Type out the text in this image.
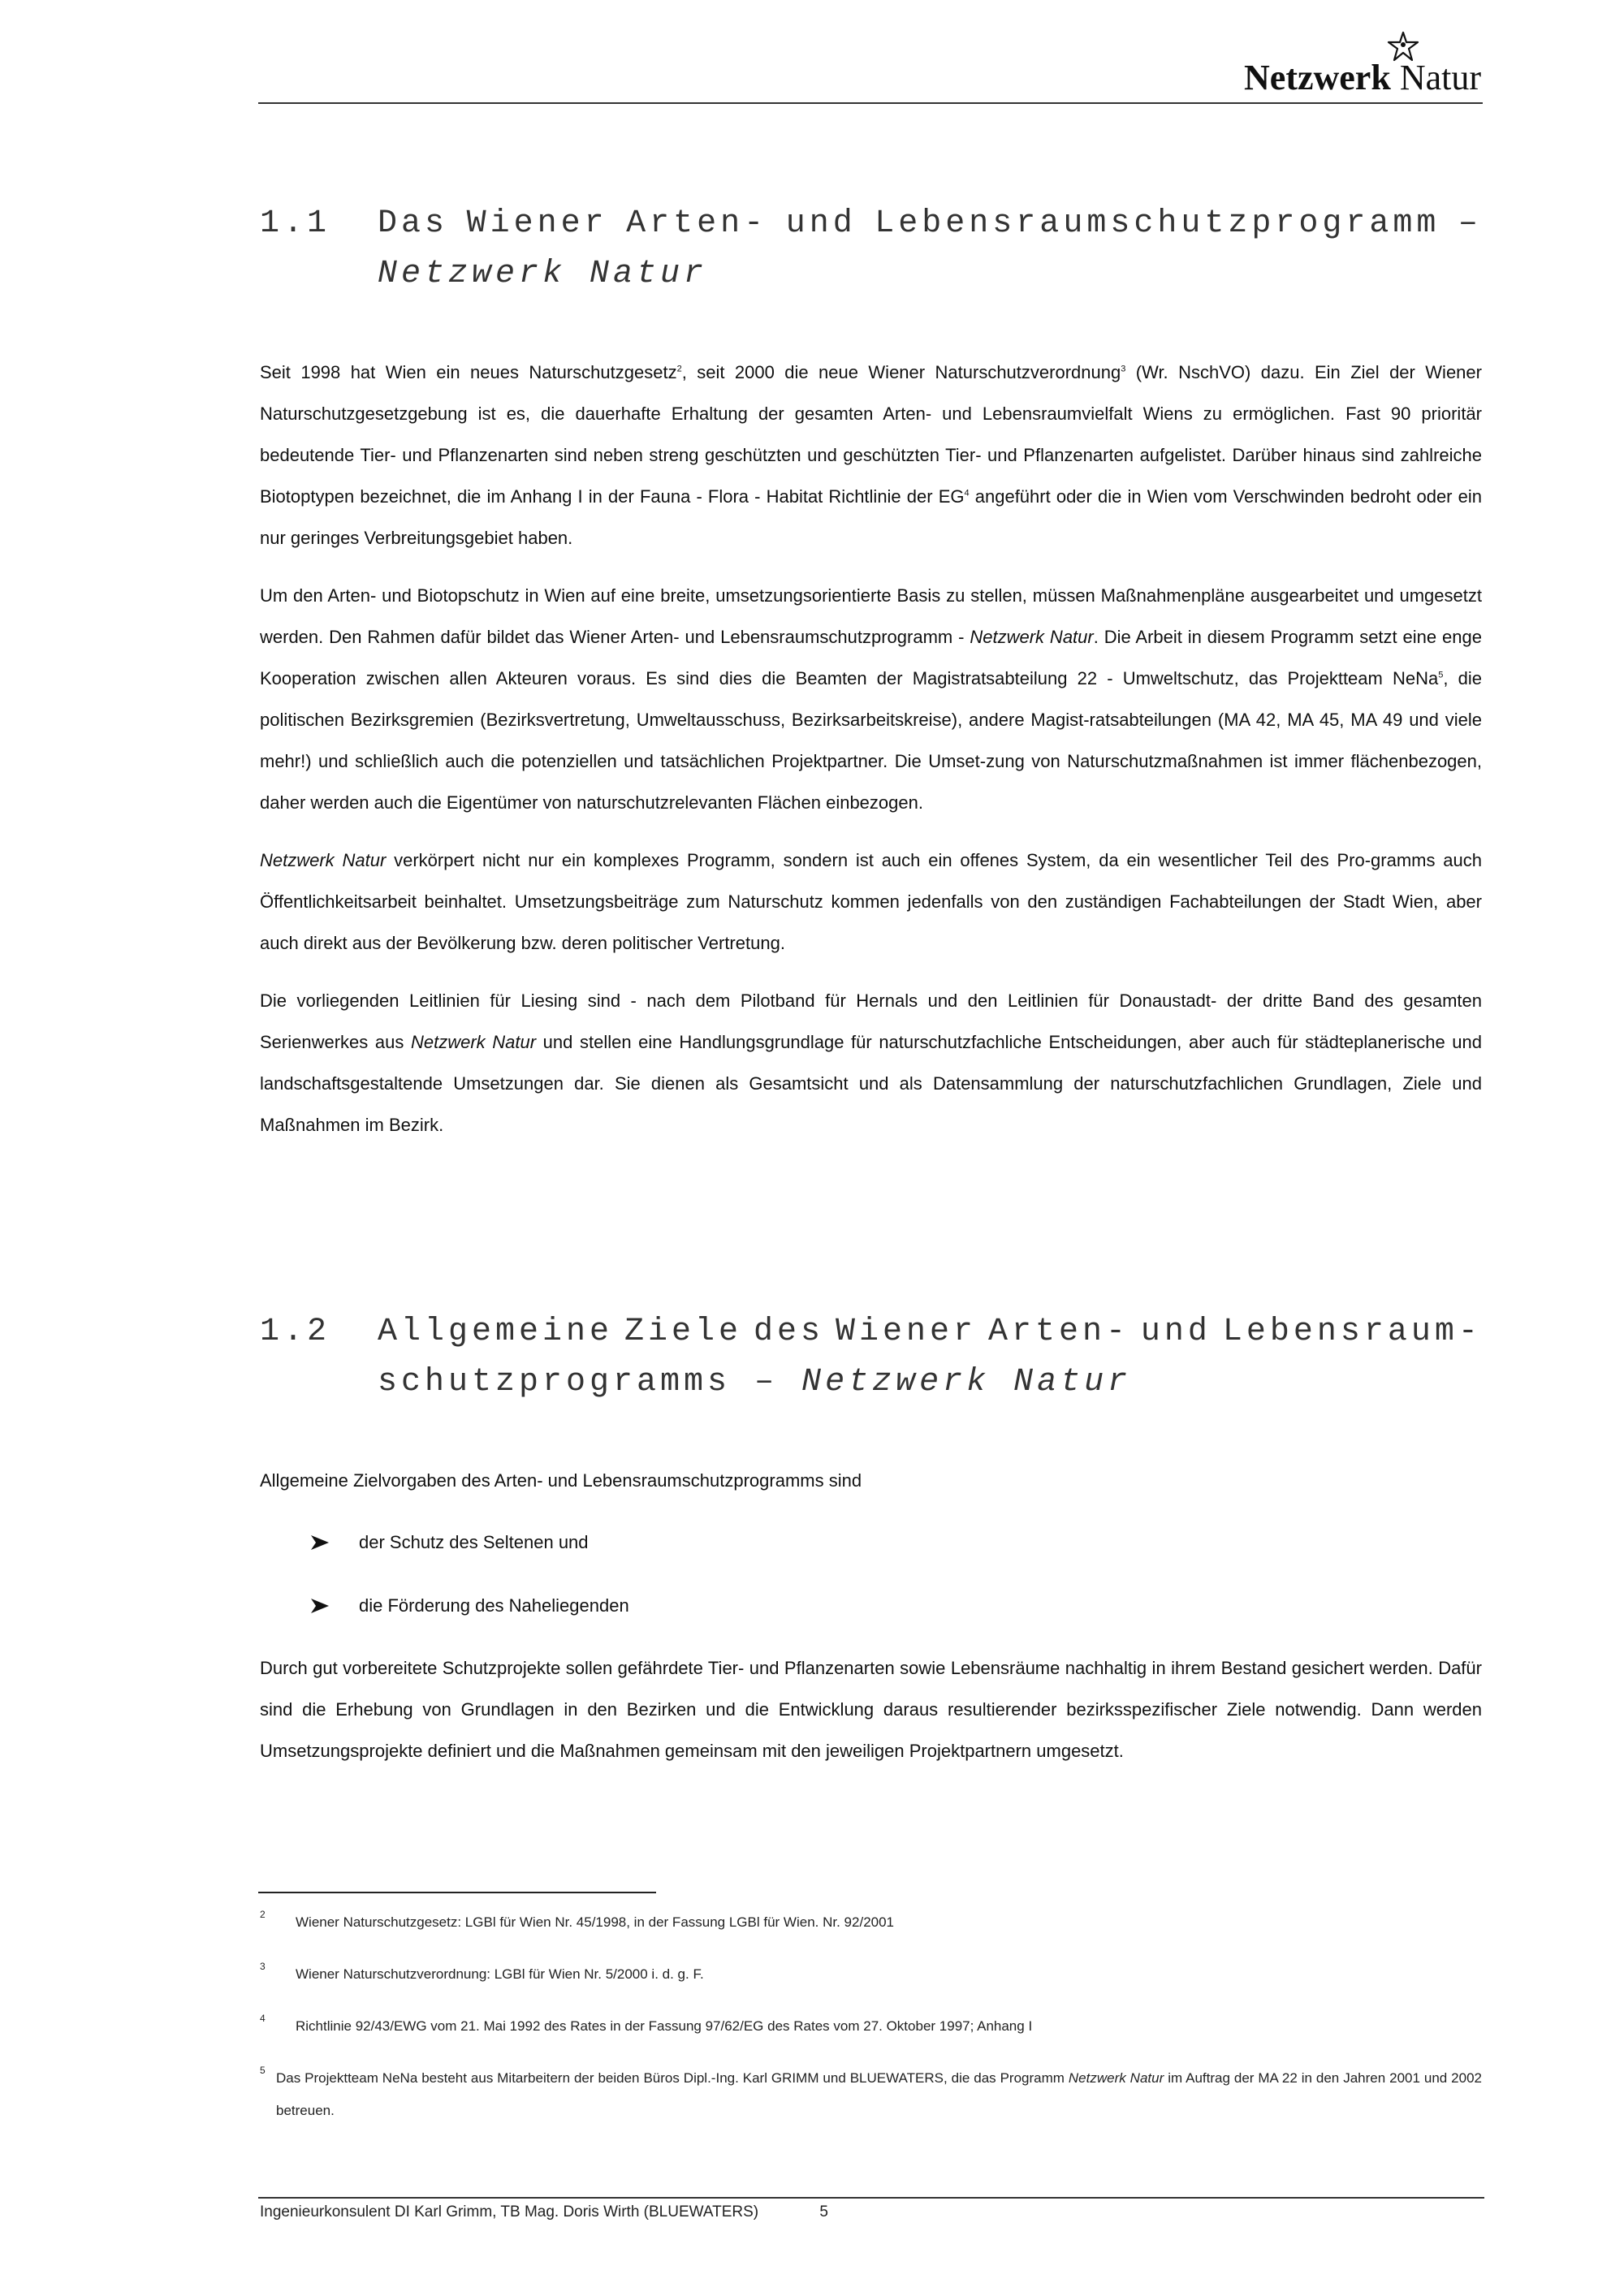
Netzwerk Natur
1.1 Das Wiener Arten- und Lebensraumschutzprogramm –
Netzwerk Natur

Seit 1998 hat Wien ein neues Naturschutzgesetz$^2$, seit 2000 die neue Wiener Naturschutzverordnung$^3$ (Wr. NschVO) dazu. Ein Ziel der Wiener Naturschutzgesetzgebung ist es, die dauerhafte Erhaltung der gesamten Arten- und Lebensraumvielfalt Wiens zu ermöglichen. Fast 90 prioritär bedeutende Tier- und Pflanzenarten sind neben streng geschützten und geschützten Tier- und Pflanzenarten aufgelistet. Darüber hinaus sind zahlreiche Biotoptypen bezeichnet, die im Anhang I in der Fauna - Flora - Habitat Richtlinie der $EG^4$ angeführt oder die in Wien vom Verschwinden bedroht oder ein nur geringes Verbreitungsgebiet haben.

Um den Arten- und Biotopschutz in Wien auf eine breite, umsetzungsorientierte Basis zu stellen, müssen Maßnahmenpläne ausgearbeitet und umgesetzt werden. Den Rahmen dafür bildet das Wiener Arten- und Lebensraumschutzprogramm - Netzwerk Natur. Die Arbeit in diesem Programm setzt eine enge Kooperation zwischen allen Akteuren voraus. Es sind dies die Beamten der Magistratsabteilung 22 - Umweltschutz, das Projektteam NeNa$^5$, die politischen Bezirksgremien (Bezirksvertretung, Umweltausschuss, Bezirksarbeitskreise), andere Magist-ratsabteilungen (MA 42, MA 45, MA 49 und viele mehr!) und schließlich auch die potenziellen und tatsächlichen Projektpartner. Die Umset-zung von Naturschutzmaßnahmen ist immer flächenbezogen, daher werden auch die Eigentümer von naturschutzrelevanten Flächen einbezogen.

Netzwerk Natur verkörpert nicht nur ein komplexes Programm, sondern ist auch ein offenes System, da ein wesentlicher Teil des Pro-gramms auch Öffentlichkeitsarbeit beinhaltet. Umsetzungsbeiträge zum Naturschutz kommen jedenfalls von den zuständigen Fachabteilungen der Stadt Wien, aber auch direkt aus der Bevölkerung bzw. deren politischer Vertretung.

Die vorliegenden Leitlinien für Liesing sind - nach dem Pilotband für Hernals und den Leitlinien für Donaustadt- der dritte Band des gesamten Serienwerkes aus Netzwerk Natur und stellen eine Handlungsgrundlage für naturschutzfachliche Entscheidungen, aber auch für städteplanerische und landschaftsgestaltende Umsetzungen dar. Sie dienen als Gesamtsicht und als Datensammlung der naturschutzfachlichen Grundlagen, Ziele und Maßnahmen im Bezirk.

1.2 Allgemeine Ziele des Wiener Arten- und Lebensraum-
schutzprogramms – Netzwerk Natur

Allgemeine Zielvorgaben des Arten- und Lebensraumschutzprogramms sind

der Schutz des Seltenen und
die Förderung des Naheliegenden

Durch gut vorbereitete Schutzprojekte sollen gefährdete Tier- und Pflanzenarten sowie Lebensräume nachhaltig in ihrem Bestand gesichert werden. Dafür sind die Erhebung von Grundlagen in den Bezirken und die Entwicklung daraus resultierender bezirksspezifischer Ziele notwendig. Dann werden Umsetzungsprojekte definiert und die Maßnahmen gemeinsam mit den jeweiligen Projektpartnern umgesetzt.

2 Wiener Naturschutzgesetz: LGBl für Wien Nr. 45/1998, in der Fassung LGBl für Wien. Nr. 92/2001
3 Wiener Naturschutzverordnung: LGBl für Wien Nr. 5/2000 i. d. g. F.
4 Richtlinie 92/43/EWG vom 21. Mai 1992 des Rates in der Fassung 97/62/EG des Rates vom 27. Oktober 1997; Anhang I
5 Das Projektteam NeNa besteht aus Mitarbeitern der beiden Büros Dipl.-Ing. Karl GRIMM und BLUEWATERS, die das Programm Netzwerk Natur im Auftrag der MA 22 in den Jahren 2001 und 2002 betreuen.
Ingenieurkonsulent DI Karl Grimm, TB Mag. Doris Wirth (BLUEWATERS)	5
